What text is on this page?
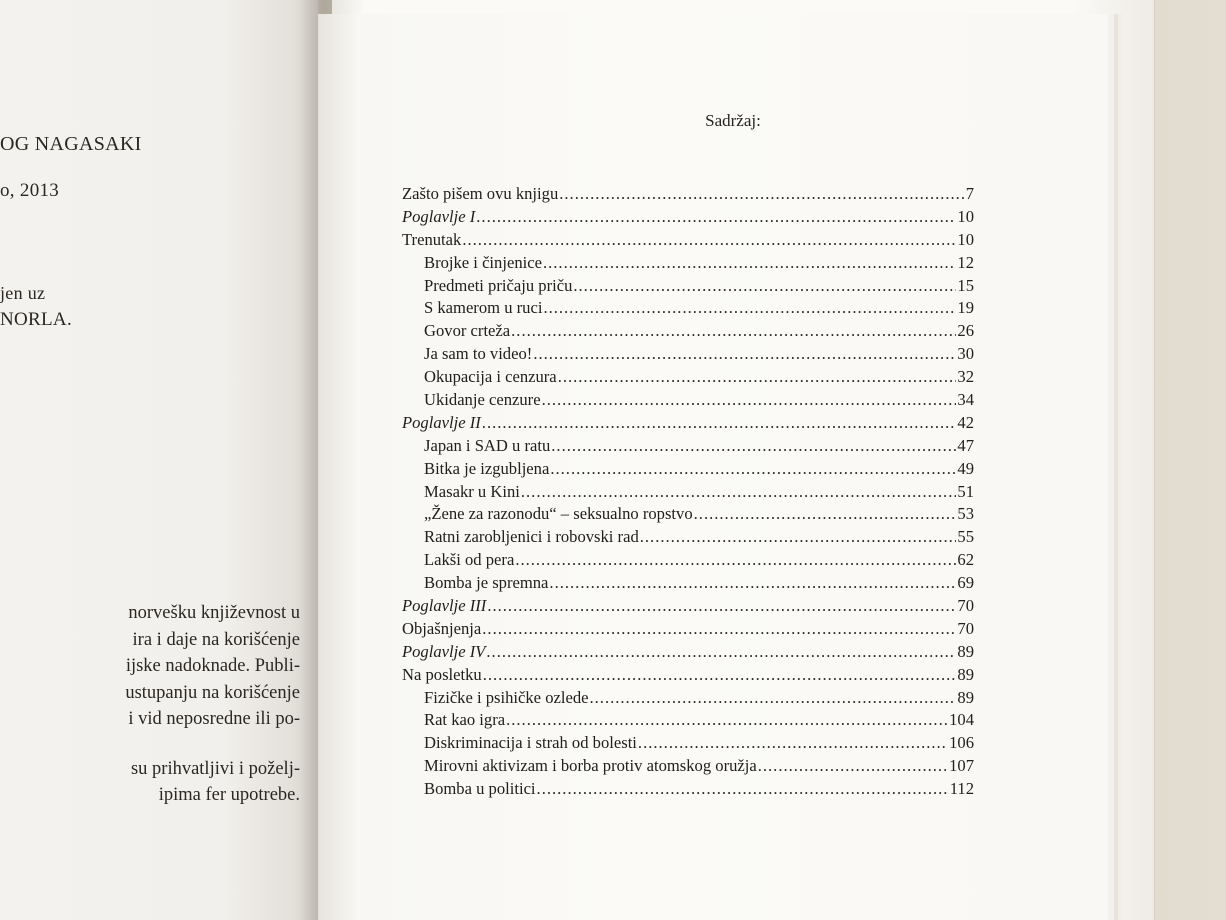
OG NAGASAKI
o, 2013
jen uz
NORLA.
norvešku književnost u
ira i daje na korišćenje
ijske nadoknade. Publi-
ustupanju na korišćenje
i vid neposredne ili po-
su prihvatljivi i poželj-
ipima fer upotrebe.
Sadržaj:
Zašto pišem ovu knjigu .....	7
Poglavlje I .....	10
Trenutak .....	10
Brojke i činjenice .....	12
Predmeti pričaju priču .....	15
S kamerom u ruci .....	19
Govor crteža .....	26
Ja sam to video! .....	30
Okupacija i cenzura .....	32
Ukidanje cenzure .....	34
Poglavlje II .....	42
Japan i SAD u ratu .....	47
Bitka je izgubljena .....	49
Masakr u Kini .....	51
„Žene za razonodu“ – seksualno ropstvo .....	53
Ratni zarobljenici i robovski rad .....	55
Lakši od pera .....	62
Bomba je spremna .....	69
Poglavlje III .....	70
Objašnjenja .....	70
Poglavlje IV .....	89
Na posletku .....	89
Fizičke i psihičke ozlede .....	89
Rat kao igra .....	104
Diskriminacija i strah od bolesti .....	106
Mirovni aktivizam i borba protiv atomskog oružja .....	107
Bomba u politici .....	112
